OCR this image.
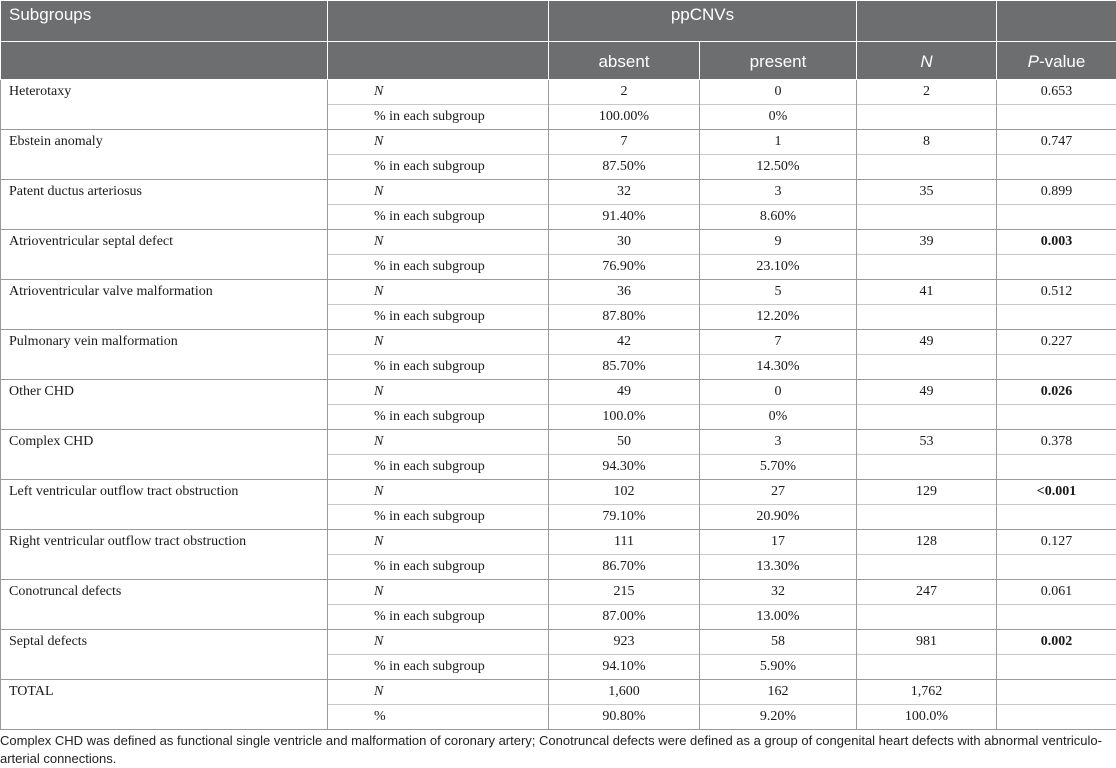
Subgroups		ppCNVs			
		absent	present	N	P-value
Heterotaxy	N	2	0	2	0.653
	% in each subgroup	100.00%	0%		
Ebstein anomaly	N	7	1	8	0.747
	% in each subgroup	87.50%	12.50%		
Patent ductus arteriosus	N	32	3	35	0.899
	% in each subgroup	91.40%	8.60%		
Atrioventricular septal defect	N	30	9	39	0.003
	% in each subgroup	76.90%	23.10%		
Atrioventricular valve malformation	N	36	5	41	0.512
	% in each subgroup	87.80%	12.20%		
Pulmonary vein malformation	N	42	7	49	0.227
	% in each subgroup	85.70%	14.30%		
Other CHD	N	49	0	49	0.026
	% in each subgroup	100.0%	0%		
Complex CHD	N	50	3	53	0.378
	% in each subgroup	94.30%	5.70%		
Left ventricular outflow tract obstruction	N	102	27	129	<0.001
	% in each subgroup	79.10%	20.90%		
Right ventricular outflow tract obstruction	N	111	17	128	0.127
	% in each subgroup	86.70%	13.30%		
Conotruncal defects	N	215	32	247	0.061
	% in each subgroup	87.00%	13.00%		
Septal defects	N	923	58	981	0.002
	% in each subgroup	94.10%	5.90%		
TOTAL	N	1,600	162	1,762	
	%	90.80%	9.20%	100.0%	
Complex CHD was defined as functional single ventricle and malformation of coronary artery; Conotruncal defects were defined as a group of congenital heart defects with abnormal ventriculo-arterial connections.
